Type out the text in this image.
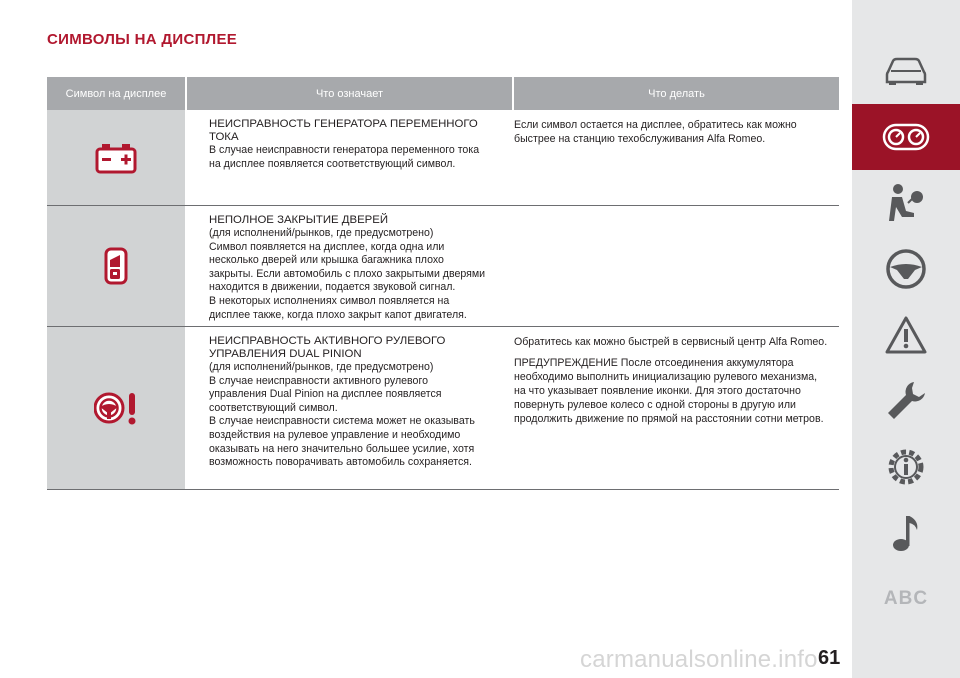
СИМВОЛЫ НА ДИСПЛЕЕ
Символ на дисплее	Что означает	Что делать
НЕИСПРАВНОСТЬ ГЕНЕРАТОРА ПЕРЕМЕННОГО ТОКА
В случае неисправности генератора переменного тока
на дисплее появляется соответствующий символ.
Если символ остается на дисплее, обратитесь как можно быстрее на станцию техобслуживания Alfa Romeo.
НЕПОЛНОЕ ЗАКРЫТИЕ ДВЕРЕЙ
(для исполнений/рынков, где предусмотрено)
Символ появляется на дисплее, когда одна или
несколько дверей или крышка багажника плохо
закрыты. Если автомобиль с плохо закрытыми дверями
находится в движении, подается звуковой сигнал.
В некоторых исполнениях символ появляется на
дисплее также, когда плохо закрыт капот двигателя.
НЕИСПРАВНОСТЬ АКТИВНОГО РУЛЕВОГО УПРАВЛЕНИЯ DUAL PINION
(для исполнений/рынков, где предусмотрено)
В случае неисправности активного рулевого
управления Dual Pinion на дисплее появляется
соответствующий символ.
В случае неисправности система может не оказывать
воздействия на рулевое управление и необходимо
оказывать на него значительно большее усилие, хотя
возможность поворачивать автомобиль сохраняется.
Обратитесь как можно быстрей в сервисный центр Alfa Romeo.
ПРЕДУПРЕЖДЕНИЕ После отсоединения аккумулятора необходимо выполнить инициализацию рулевого механизма, на что указывает появление иконки. Для этого достаточно повернуть рулевое колесо с одной стороны в другую или продолжить движение по прямой на расстоянии сотни метров.
ABC
carmanualsonline.info 61
